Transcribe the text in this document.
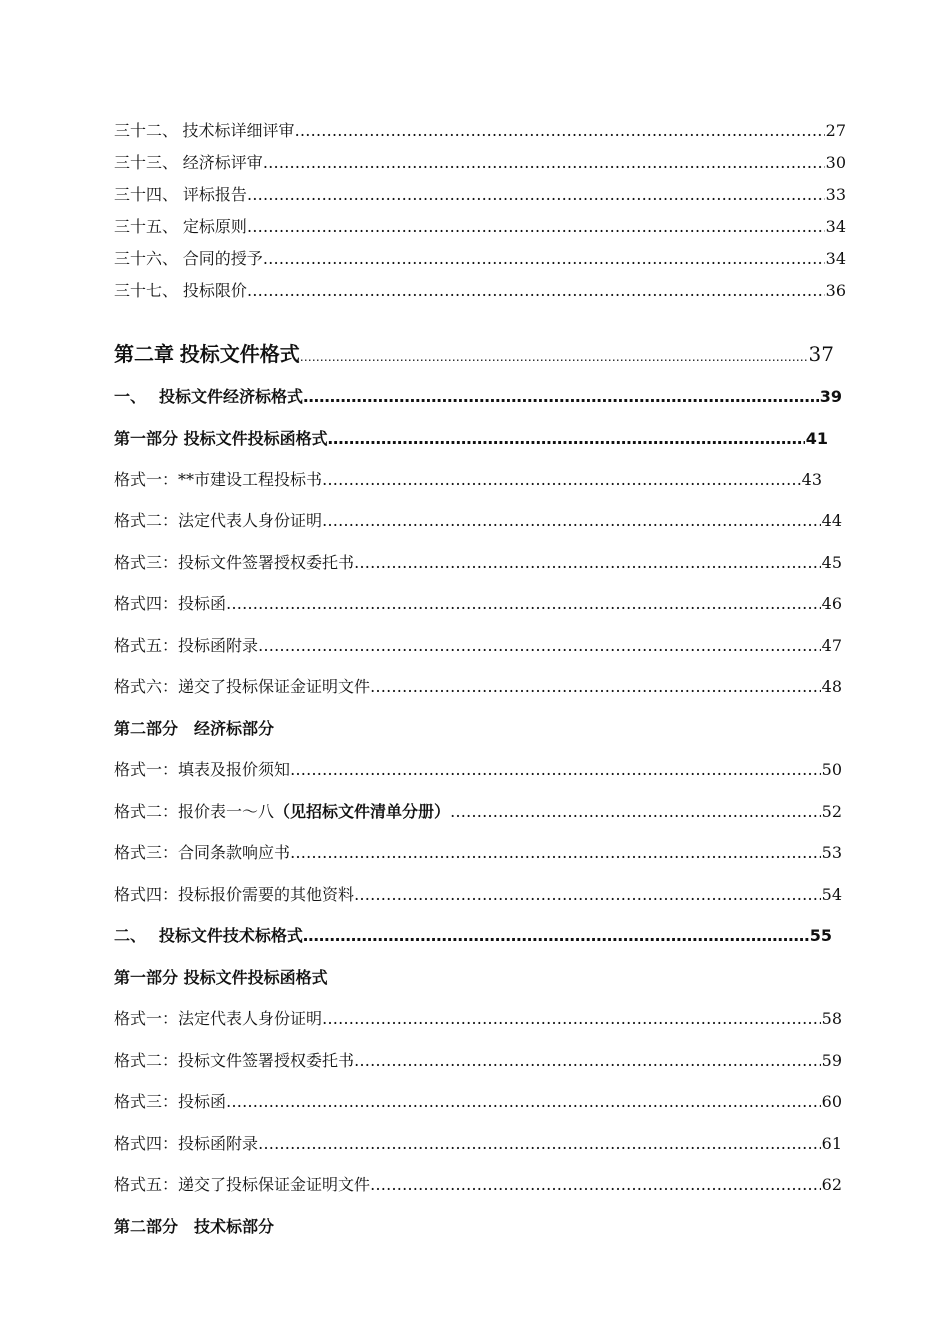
三十二、 技术标详细评审 ……………………………………………………………………………………………………………………………………………………………………………………………………………………………………………	27
三十三、 经济标评审 ……………………………………………………………………………………………………………………………………………………………………………………………………………………………………………	30
三十四、 评标报告 ……………………………………………………………………………………………………………………………………………………………………………………………………………………………………………	33
三十五、 定标原则 ……………………………………………………………………………………………………………………………………………………………………………………………………………………………………………	34
三十六、 合同的授予 ……………………………………………………………………………………………………………………………………………………………………………………………………………………………………………	34
三十七、 投标限价 ……………………………………………………………………………………………………………………………………………………………………………………………………………………………………………	36
第二章 投标文件格式 ……………………………………………………………………………………………………………………………………………………………………………………………………………………………………………	37
一、 投标文件经济标格式 ……………………………………………………………………………………………………………………………………………………………………………………………………………………………………………	39
第一部分 投标文件投标函格式 ……………………………………………………………………………………………………………………………………………………………………………………………………………………………………………	41
格式一：**市建设工程投标书 ……………………………………………………………………………………………………………………………………………………………………………………………………………………………………………	43
格式二：法定代表人身份证明 ……………………………………………………………………………………………………………………………………………………………………………………………………………………………………………	44
格式三：投标文件签署授权委托书 ……………………………………………………………………………………………………………………………………………………………………………………………………………………………………………	45
格式四：投标函 ……………………………………………………………………………………………………………………………………………………………………………………………………………………………………………	46
格式五：投标函附录 ……………………………………………………………………………………………………………………………………………………………………………………………………………………………………………	47
格式六：递交了投标保证金证明文件 ……………………………………………………………………………………………………………………………………………………………………………………………………………………………………………	48
第二部分　经济标部分
格式一：填表及报价须知 ……………………………………………………………………………………………………………………………………………………………………………………………………………………………………………	50
格式二：报价表一～八 （见招标文件清单分册） ……………………………………………………………………………………………………………………………………………………………………………………………………………………………………………	52
格式三：合同条款响应书 ……………………………………………………………………………………………………………………………………………………………………………………………………………………………………………	53
格式四：投标报价需要的其他资料 ……………………………………………………………………………………………………………………………………………………………………………………………………………………………………………	54
二、 投标文件技术标格式 ……………………………………………………………………………………………………………………………………………………………………………………………………………………………………………	55
第一部分 投标文件投标函格式
格式一：法定代表人身份证明 ……………………………………………………………………………………………………………………………………………………………………………………………………………………………………………	58
格式二：投标文件签署授权委托书 ……………………………………………………………………………………………………………………………………………………………………………………………………………………………………………	59
格式三：投标函 ……………………………………………………………………………………………………………………………………………………………………………………………………………………………………………	60
格式四：投标函附录 ……………………………………………………………………………………………………………………………………………………………………………………………………………………………………………	61
格式五：递交了投标保证金证明文件 ……………………………………………………………………………………………………………………………………………………………………………………………………………………………………………	62
第二部分　技术标部分
